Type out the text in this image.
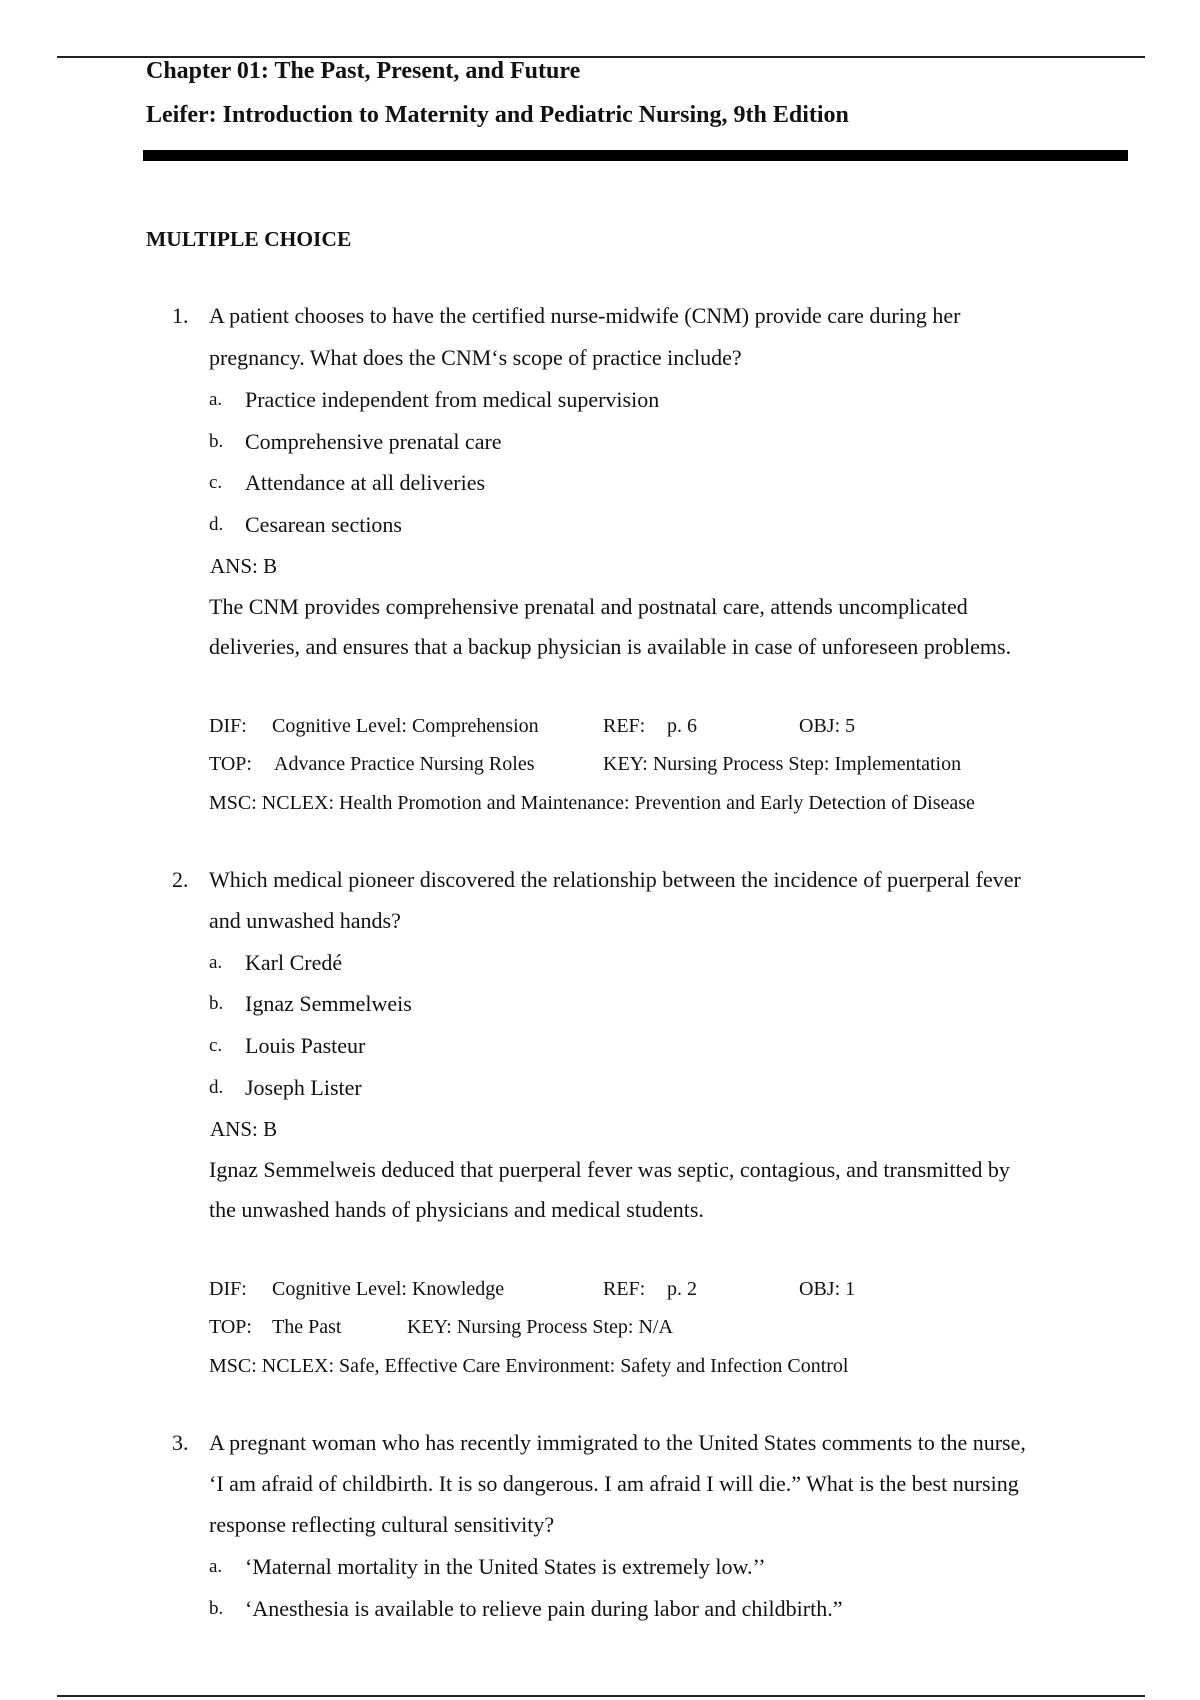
Chapter 01: The Past, Present, and Future
Leifer: Introduction to Maternity and Pediatric Nursing, 9th Edition
MULTIPLE CHOICE
1. A patient chooses to have the certified nurse-midwife (CNM) provide care during her
pregnancy. What does the CNM‘s scope of practice include?
a. Practice independent from medical supervision
b. Comprehensive prenatal care
c. Attendance at all deliveries
d. Cesarean sections
ANS: B
The CNM provides comprehensive prenatal and postnatal care, attends uncomplicated
deliveries, and ensures that a backup physician is available in case of unforeseen problems.
DIF: Cognitive Level: Comprehension	REF: p. 6	OBJ: 5
TOP: Advance Practice Nursing Roles	KEY: Nursing Process Step: Implementation
MSC: NCLEX: Health Promotion and Maintenance: Prevention and Early Detection of Disease
2. Which medical pioneer discovered the relationship between the incidence of puerperal fever
and unwashed hands?
a. Karl Credé
b. Ignaz Semmelweis
c. Louis Pasteur
d. Joseph Lister
ANS: B
Ignaz Semmelweis deduced that puerperal fever was septic, contagious, and transmitted by
the unwashed hands of physicians and medical students.
DIF: Cognitive Level: Knowledge	REF: p. 2	OBJ: 1
TOP: The Past	KEY: Nursing Process Step: N/A
MSC: NCLEX: Safe, Effective Care Environment: Safety and Infection Control
3. A pregnant woman who has recently immigrated to the United States comments to the nurse,
‘I am afraid of childbirth. It is so dangerous. I am afraid I will die.” What is the best nursing
response reflecting cultural sensitivity?
a. ‘Maternal mortality in the United States is extremely low.’’
b. ‘Anesthesia is available to relieve pain during labor and childbirth.”
